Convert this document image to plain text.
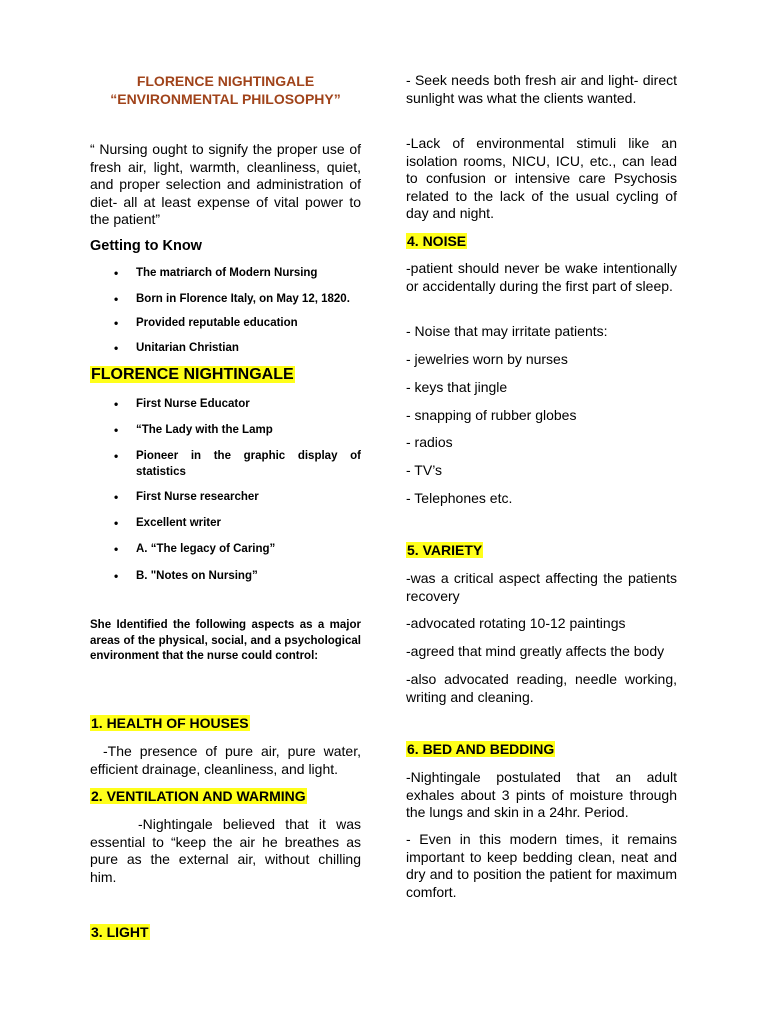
FLORENCE NIGHTINGALE
“ENVIRONMENTAL PHILOSOPHY”

“ Nursing ought to signify the proper use of fresh air, light, warmth, cleanliness, quiet, and proper selection and administration of diet- all at least expense of vital power to the patient”

Getting to Know
• The matriarch of Modern Nursing
• Born in Florence Italy, on May 12, 1820.
• Provided reputable education
• Unitarian Christian
FLORENCE NIGHTINGALE
• First Nurse Educator
• “The Lady with the Lamp
• Pioneer in the graphic display of statistics
• First Nurse researcher
• Excellent writer
• A. “The legacy of Caring”
• B. "Notes on Nursing”

She Identified the following aspects as a major areas of the physical, social, and a psychological environment that the nurse could control:

1. HEALTH OF HOUSES

-The presence of pure air, pure water, efficient drainage, cleanliness, and light.

2. VENTILATION AND WARMING

-Nightingale believed that it was essential to “keep the air he breathes as pure as the external air, without chilling him.

3. LIGHT

- Seek needs both fresh air and light- direct sunlight was what the clients wanted.

-Lack of environmental stimuli like an isolation rooms, NICU, ICU, etc., can lead to confusion or intensive care Psychosis related to the lack of the usual cycling of day and night.

4. NOISE

-patient should never be wake intentionally or accidentally during the first part of sleep.

- Noise that may irritate patients:
- jewelries worn by nurses
- keys that jingle
- snapping of rubber globes
- radios
- TV’s
- Telephones etc.
5. VARIETY

-was a critical aspect affecting the patients recovery

-advocated rotating 10-12 paintings

-agreed that mind greatly affects the body

-also advocated reading, needle working, writing and cleaning.

6. BED AND BEDDING

-Nightingale postulated that an adult exhales about 3 pints of moisture through the lungs and skin in a 24hr. Period.

- Even in this modern times, it remains important to keep bedding clean, neat and dry and to position the patient for maximum comfort.
